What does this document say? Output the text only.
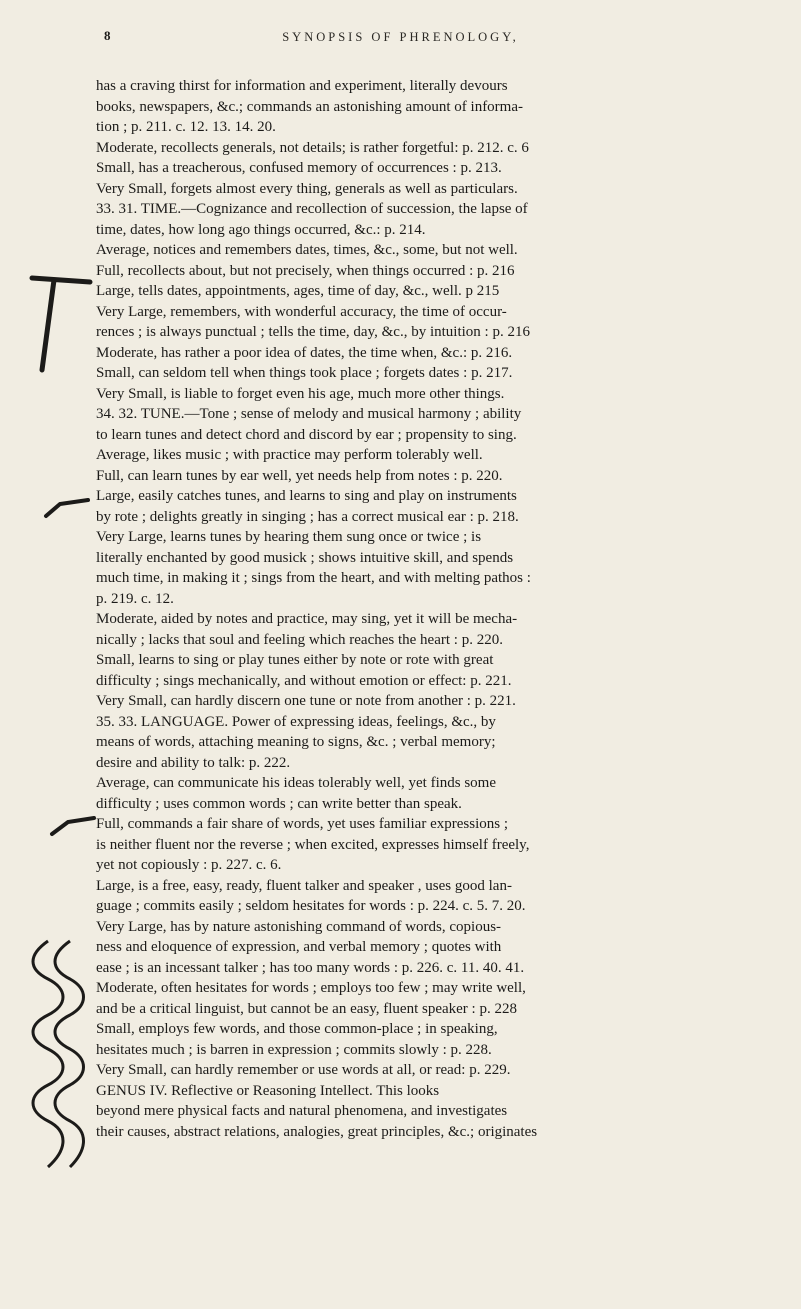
8	SYNOPSIS OF PHRENOLOGY,

has a craving thirst for information and experiment, literally devours

books, newspapers, &c.; commands an astonishing amount of informa-

tion ; p. 211. c. 12. 13. 14. 20.

Moderate, recollects generals, not details; is rather forgetful: p. 212. c. 6

Small, has a treacherous, confused memory of occurrences : p. 213.

Very Small, forgets almost every thing, generals as well as particulars.

33. 31. TIME.—Cognizance and recollection of succession, the lapse of

time, dates, how long ago things occurred, &c.: p. 214.

Average, notices and remembers dates, times, &c., some, but not well.

Full, recollects about, but not precisely, when things occurred : p. 216

Large, tells dates, appointments, ages, time of day, &c., well. p 215

Very Large, remembers, with wonderful accuracy, the time of occur-

rences ; is always punctual ; tells the time, day, &c., by intuition : p. 216

Moderate, has rather a poor idea of dates, the time when, &c.: p. 216.

Small, can seldom tell when things took place ; forgets dates : p. 217.

Very Small, is liable to forget even his age, much more other things.

34. 32. TUNE.—Tone ; sense of melody and musical harmony ; ability

to learn tunes and detect chord and discord by ear ; propensity to sing.

Average, likes music ; with practice may perform tolerably well.

Full, can learn tunes by ear well, yet needs help from notes : p. 220.

Large, easily catches tunes, and learns to sing and play on instruments

by rote ; delights greatly in singing ; has a correct musical ear : p. 218.

Very Large, learns tunes by hearing them sung once or twice ; is

literally enchanted by good musick ; shows intuitive skill, and spends

much time, in making it ; sings from the heart, and with melting pathos :

p. 219. c. 12.

Moderate, aided by notes and practice, may sing, yet it will be mecha-

nically ; lacks that soul and feeling which reaches the heart : p. 220.

Small, learns to sing or play tunes either by note or rote with great

difficulty ; sings mechanically, and without emotion or effect: p. 221.

Very Small, can hardly discern one tune or note from another : p. 221.

35. 33. LANGUAGE. Power of expressing ideas, feelings, &c., by

means of words, attaching meaning to signs, &c. ; verbal memory;

desire and ability to talk: p. 222.

Average, can communicate his ideas tolerably well, yet finds some

difficulty ; uses common words ; can write better than speak.

Full, commands a fair share of words, yet uses familiar expressions ;

is neither fluent nor the reverse ; when excited, expresses himself freely,

yet not copiously : p. 227. c. 6.

Large, is a free, easy, ready, fluent talker and speaker , uses good lan-

guage ; commits easily ; seldom hesitates for words : p. 224. c. 5. 7. 20.

Very Large, has by nature astonishing command of words, copious-

ness and eloquence of expression, and verbal memory ; quotes with

ease ; is an incessant talker ; has too many words : p. 226. c. 11. 40. 41.

Moderate, often hesitates for words ; employs too few ; may write well,

and be a critical linguist, but cannot be an easy, fluent speaker : p. 228

Small, employs few words, and those common-place ; in speaking,

hesitates much ; is barren in expression ; commits slowly : p. 228.

Very Small, can hardly remember or use words at all, or read: p. 229.

GENUS IV. Reflective or Reasoning Intellect. This looks

beyond mere physical facts and natural phenomena, and investigates

their causes, abstract relations, analogies, great principles, &c.; originates
